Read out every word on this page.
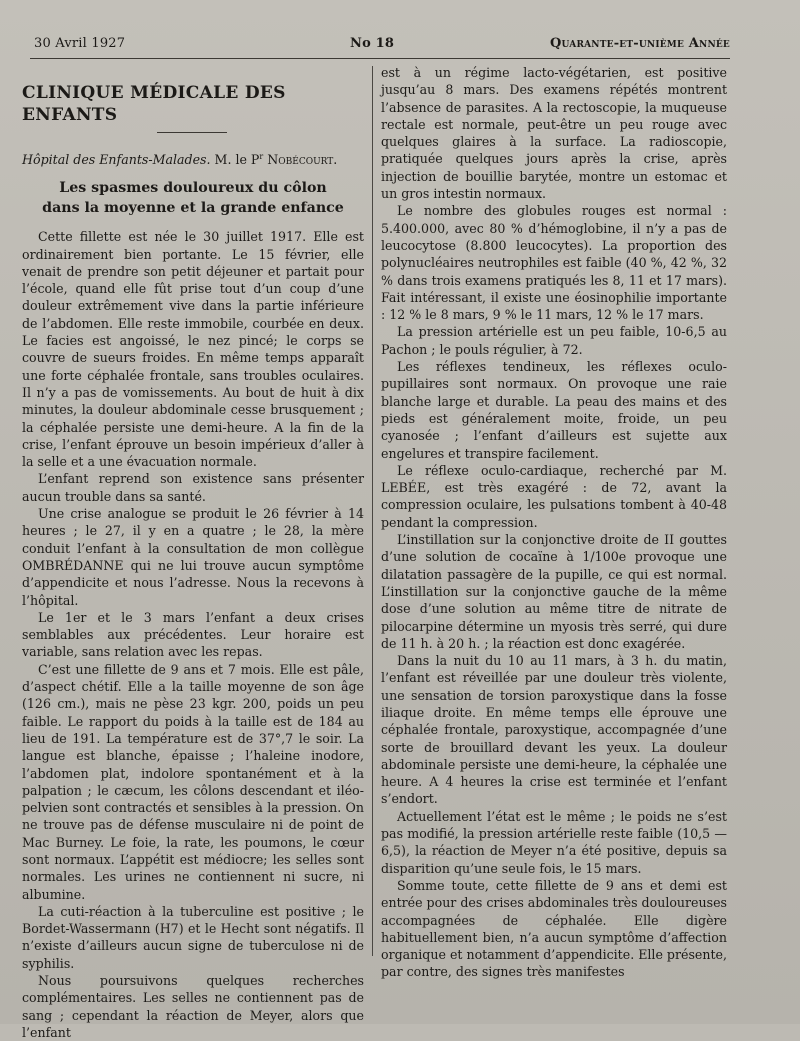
30 Avril 1927	No 18	Quarante-et-unième Année
CLINIQUE MÉDICALE DES ENFANTS
Hôpital des Enfants-Malades. M. le $P^r$ Nobécourt.
Les spasmes douloureux du côlon
dans la moyenne et la grande enfance

Cette fillette est née le 30 juillet 1917. Elle est ordinairement bien portante. Le 15 février, elle venait de prendre son petit déjeuner et partait pour l’école, quand elle fût prise tout d’un coup d’une douleur extrêmement vive dans la partie inférieure de l’abdomen. Elle reste immobile, courbée en deux. Le facies est angoissé, le nez pincé; le corps se couvre de sueurs froides. En même temps apparaît une forte céphalée frontale, sans troubles oculaires. Il n’y a pas de vomissements. Au bout de huit à dix minutes, la douleur abdominale cesse brusquement ; la céphalée persiste une demi-heure. A la fin de la crise, l’enfant éprouve un besoin impérieux d’aller à la selle et a une évacuation normale.

L’enfant reprend son existence sans présenter aucun trouble dans sa santé.

Une crise analogue se produit le 26 février à 14 heures ; le 27, il y en a quatre ; le 28, la mère conduit l’enfant à la consultation de mon collègue OMBRÉDANNE qui ne lui trouve aucun symptôme d’appendicite et nous l’adresse. Nous la recevons à l’hôpital.

Le 1er et le 3 mars l’enfant a deux crises semblables aux précédentes. Leur horaire est variable, sans relation avec les repas.

C’est une fillette de 9 ans et 7 mois. Elle est pâle, d’aspect chétif. Elle a la taille moyenne de son âge (126 cm.), mais ne pèse 23 kgr. 200, poids un peu faible. Le rapport du poids à la taille est de 184 au lieu de 191. La température est de 37°,7 le soir. La langue est blanche, épaisse ; l’haleine inodore, l’abdomen plat, indolore spontanément et à la palpation ; le cæcum, les côlons descendant et iléo-pelvien sont contractés et sensibles à la pression. On ne trouve pas de défense musculaire ni de point de Mac Burney. Le foie, la rate, les poumons, le cœur sont normaux. L’appétit est médiocre; les selles sont normales. Les urines ne contiennent ni sucre, ni albumine.

La cuti-réaction à la tuberculine est positive ; le Bordet-Wassermann (H7) et le Hecht sont négatifs. Il n’existe d’ailleurs aucun signe de tuberculose ni de syphilis.

Nous poursuivons quelques recherches complémentaires. Les selles ne contiennent pas de sang ; cependant la réaction de Meyer, alors que l’enfant

est à un régime lacto-végétarien, est positive jusqu’au 8 mars. Des examens répétés montrent l’absence de parasites. A la rectoscopie, la muqueuse rectale est normale, peut-être un peu rouge avec quelques glaires à la surface. La radioscopie, pratiquée quelques jours après la crise, après injection de bouillie barytée, montre un estomac et un gros intestin normaux.

Le nombre des globules rouges est normal : 5.400.000, avec 80 % d’hémoglobine, il n’y a pas de leucocytose (8.800 leucocytes). La proportion des polynucléaires neutrophiles est faible (40 %, 42 %, 32 % dans trois examens pratiqués les 8, 11 et 17 mars). Fait intéressant, il existe une éosinophilie importante : 12 % le 8 mars, 9 % le 11 mars, 12 % le 17 mars.

La pression artérielle est un peu faible, 10-6,5 au Pachon ; le pouls régulier, à 72.

Les réflexes tendineux, les réflexes oculo-pupillaires sont normaux. On provoque une raie blanche large et durable. La peau des mains et des pieds est généralement moite, froide, un peu cyanosée ; l’enfant d’ailleurs est sujette aux engelures et transpire facilement.

Le réflexe oculo-cardiaque, recherché par M. LEBÉE, est très exagéré : de 72, avant la compression oculaire, les pulsations tombent à 40-48 pendant la compression.

L’instillation sur la conjonctive droite de II gouttes d’une solution de cocaïne à 1/100e provoque une dilatation passagère de la pupille, ce qui est normal. L’instillation sur la conjonctive gauche de la même dose d’une solution au même titre de nitrate de pilocarpine détermine un myosis très serré, qui dure de 11 h. à 20 h. ; la réaction est donc exagérée.

Dans la nuit du 10 au 11 mars, à 3 h. du matin, l’enfant est réveillée par une douleur très violente, une sensation de torsion paroxystique dans la fosse iliaque droite. En même temps elle éprouve une céphalée frontale, paroxystique, accompagnée d’une sorte de brouillard devant les yeux. La douleur abdominale persiste une demi-heure, la céphalée une heure. A 4 heures la crise est terminée et l’enfant s’endort.

Actuellement l’état est le même ; le poids ne s’est pas modifié, la pression artérielle reste faible (10,5 — 6,5), la réaction de Meyer n’a été positive, depuis sa disparition qu’une seule fois, le 15 mars.

Somme toute, cette fillette de 9 ans et demi est entrée pour des crises abdominales très douloureuses accompagnées de céphalée. Elle digère habituellement bien, n’a aucun symptôme d’affection organique et notamment d’appendicite. Elle présente, par contre, des signes très manifestes
